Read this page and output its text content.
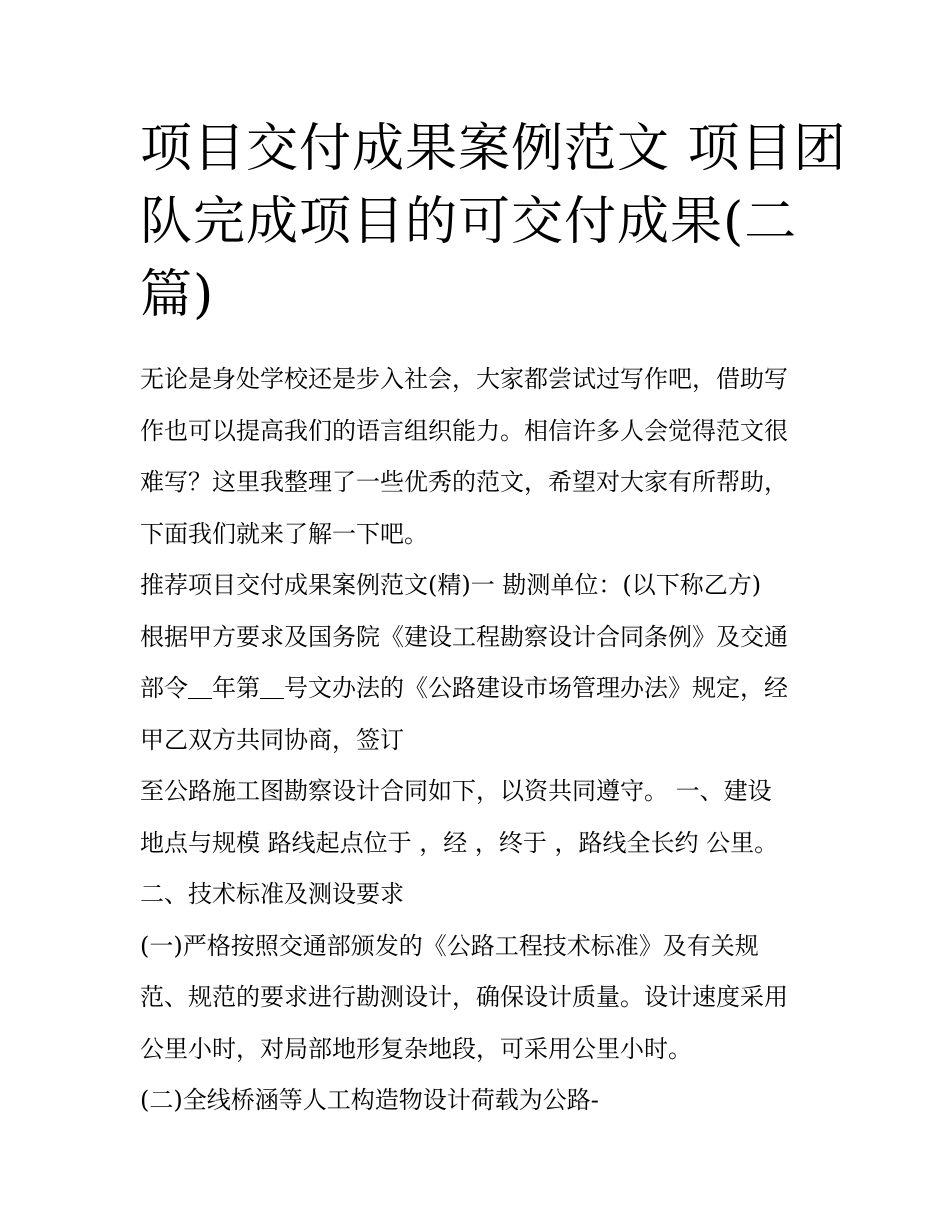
项目交付成果案例范文 项目团
队完成项目的可交付成果(二
篇)
无论是身处学校还是步入社会，大家都尝试过写作吧，借助写
作也可以提高我们的语言组织能力。相信许多人会觉得范文很
难写？这里我整理了一些优秀的范文，希望对大家有所帮助，
下面我们就来了解一下吧。
推荐项目交付成果案例范文(精)一 勘测单位：(以下称乙方)
根据甲方要求及国务院《建设工程勘察设计合同条例》及交通
部令＿年第＿号文办法的《公路建设市场管理办法》规定，经
甲乙双方共同协商，签订
至公路施工图勘察设计合同如下，以资共同遵守。 一、建设
地点与规模 路线起点位于 ，经 ，终于 ，路线全长约 公里。
二、技术标准及测设要求
(一)严格按照交通部颁发的《公路工程技术标准》及有关规
范、规范的要求进行勘测设计，确保设计质量。设计速度采用
公里小时，对局部地形复杂地段，可采用公里小时。
(二)全线桥涵等人工构造物设计荷载为公路-
